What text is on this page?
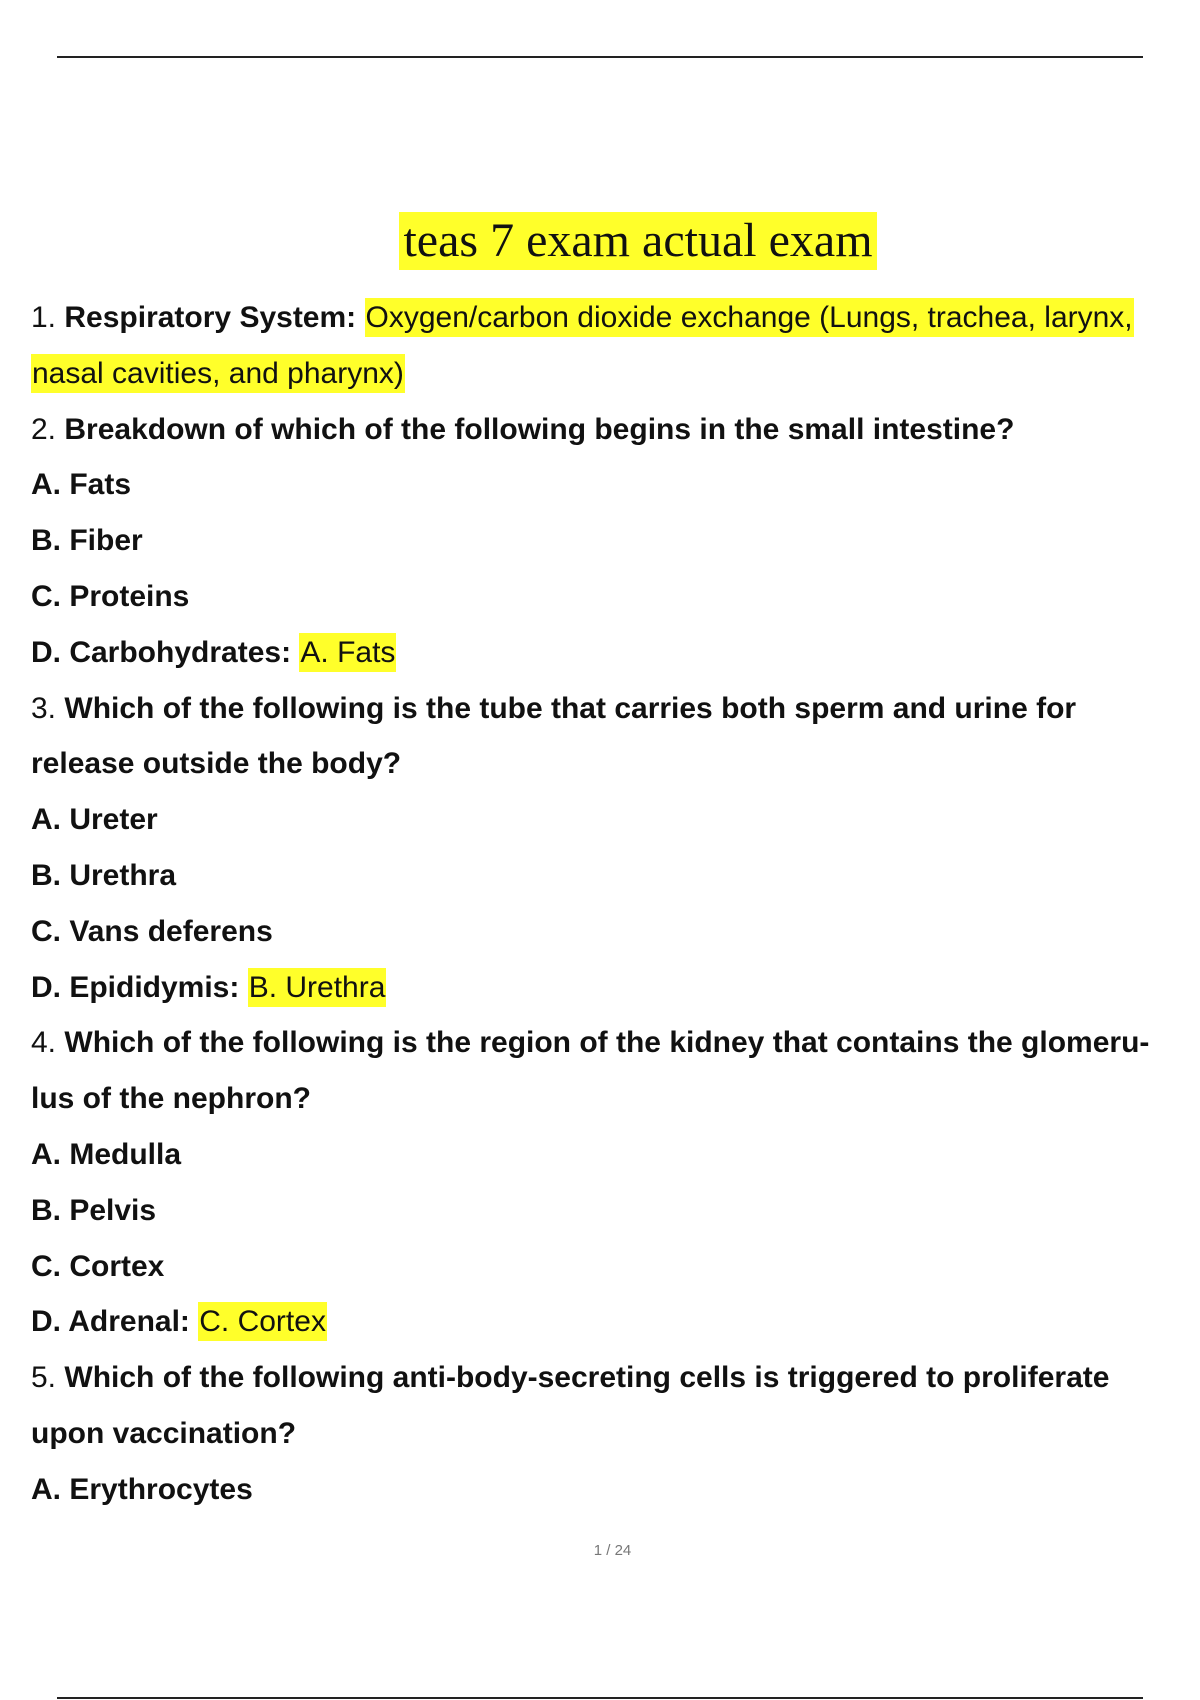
teas 7 exam actual exam
1. Respiratory System: Oxygen/carbon dioxide exchange (Lungs, trachea, larynx,
nasal cavities, and pharynx)
2. Breakdown of which of the following begins in the small intestine?
A. Fats
B. Fiber
C. Proteins
D. Carbohydrates: A. Fats
3. Which of the following is the tube that carries both sperm and urine for
release outside the body?
A. Ureter
B. Urethra
C. Vans deferens
D. Epididymis: B. Urethra
4. Which of the following is the region of the kidney that contains the glomeru-
lus of the nephron?
A. Medulla
B. Pelvis
C. Cortex
D. Adrenal: C. Cortex
5. Which of the following anti-body-secreting cells is triggered to proliferate
upon vaccination?
A. Erythrocytes
1 / 24
